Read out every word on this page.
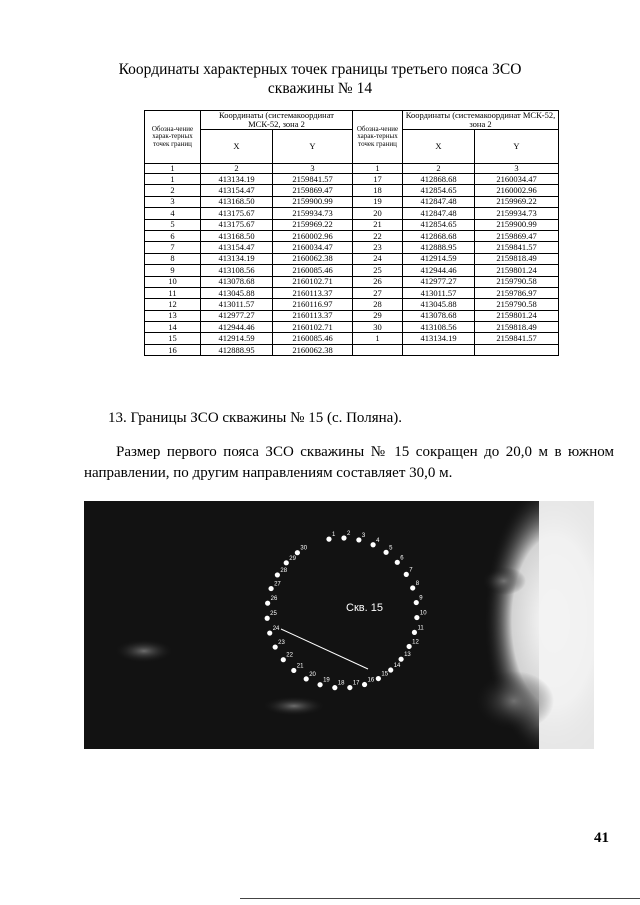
Координаты характерных точек границы третьего пояса ЗСО
скважины № 14
Обозна-чение харак-терных точек границ	Координаты (системакоординат МСК-52, зона 2		Обозна-чение харак-терных точек границ	Координаты (системакоординат МСК-52, зона 2	
	X	Y		X	Y
1	2	3	1	2	3
1	413134.19	2159841.57	17	412868.68	2160034.47
2	413154.47	2159869.47	18	412854.65	2160002.96
3	413168.50	2159900.99	19	412847.48	2159969.22
4	413175.67	2159934.73	20	412847.48	2159934.73
5	413175.67	2159969.22	21	412854.65	2159900.99
6	413168.50	2160002.96	22	412868.68	2159869.47
7	413154.47	2160034.47	23	412888.95	2159841.57
8	413134.19	2160062.38	24	412914.59	2159818.49
9	413108.56	2160085.46	25	412944.46	2159801.24
10	413078.68	2160102.71	26	412977.27	2159790.58
11	413045.88	2160113.37	27	413011.57	2159786.97
12	413011.57	2160116.97	28	413045.88	2159790.58
13	412977.27	2160113.37	29	413078.68	2159801.24
14	412944.46	2160102.71	30	413108.56	2159818.49
15	412914.59	2160085.46	1	413134.19	2159841.57
16	412888.95	2160062.38			
13. Границы ЗСО скважины № 15 (с. Поляна).
Размер первого пояса ЗСО скважины № 15 сокращен до 20,0 м в южном направлении, по другим направлениям составляет 30,0 м.
1 2 3
4
5
6
7
8
9
10
11
12
13
14
15
16
17
18
19
20
21
22
23
24
25
26
27
28
29
30
Скв. 15
41
